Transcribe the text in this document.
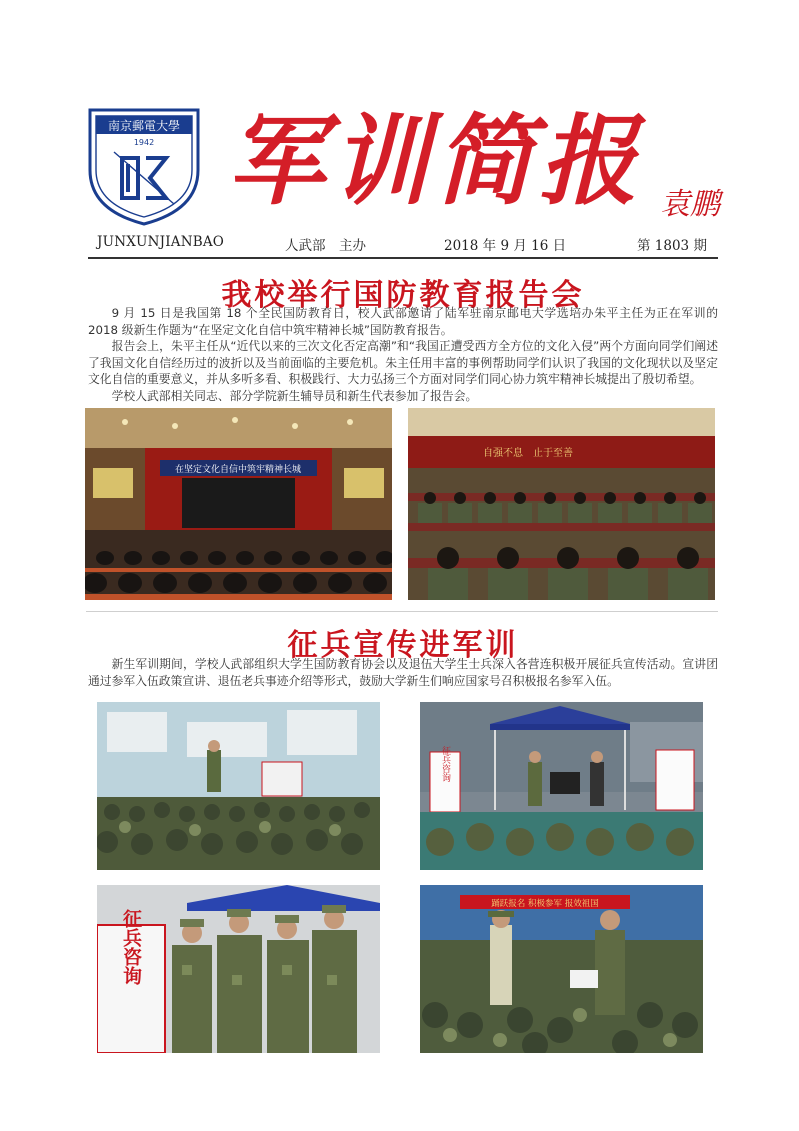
南京郵電大學
1942 军训简报 袁鹏
JUNXUNJIANBAO	人武部　主办	2018 年 9 月 16 日	第 1803 期
我校举行国防教育报告会

9 月 15 日是我国第 18 个全民国防教育日，校人武部邀请了陆军驻南京邮电大学选培办朱平主任为正在军训的 2018 级新生作题为“在坚定文化自信中筑牢精神长城”国防教育报告。

报告会上，朱平主任从“近代以来的三次文化否定高潮”和“我国正遭受西方全方位的文化入侵”两个方面向同学们阐述了我国文化自信经历过的波折以及当前面临的主要危机。朱主任用丰富的事例帮助同学们认识了我国的文化现状以及坚定文化自信的重要意义，并从多听多看、积极践行、大力弘扬三个方面对同学们同心协力筑牢精神长城提出了殷切希望。

学校人武部相关同志、部分学院新生辅导员和新生代表参加了报告会。

在坚定文化自信中筑牢精神长城
自强不息　止于至善
征兵宣传进军训

新生军训期间，学校人武部组织大学生国防教育协会以及退伍大学生士兵深入各营连积极开展征兵宣传活动。宣讲团通过参军入伍政策宣讲、退伍老兵事迹介绍等形式，鼓励大学新生们响应国家号召积极报名参军入伍。

征兵咨询
征兵咨询
踊跃报名 积极参军 报效祖国
